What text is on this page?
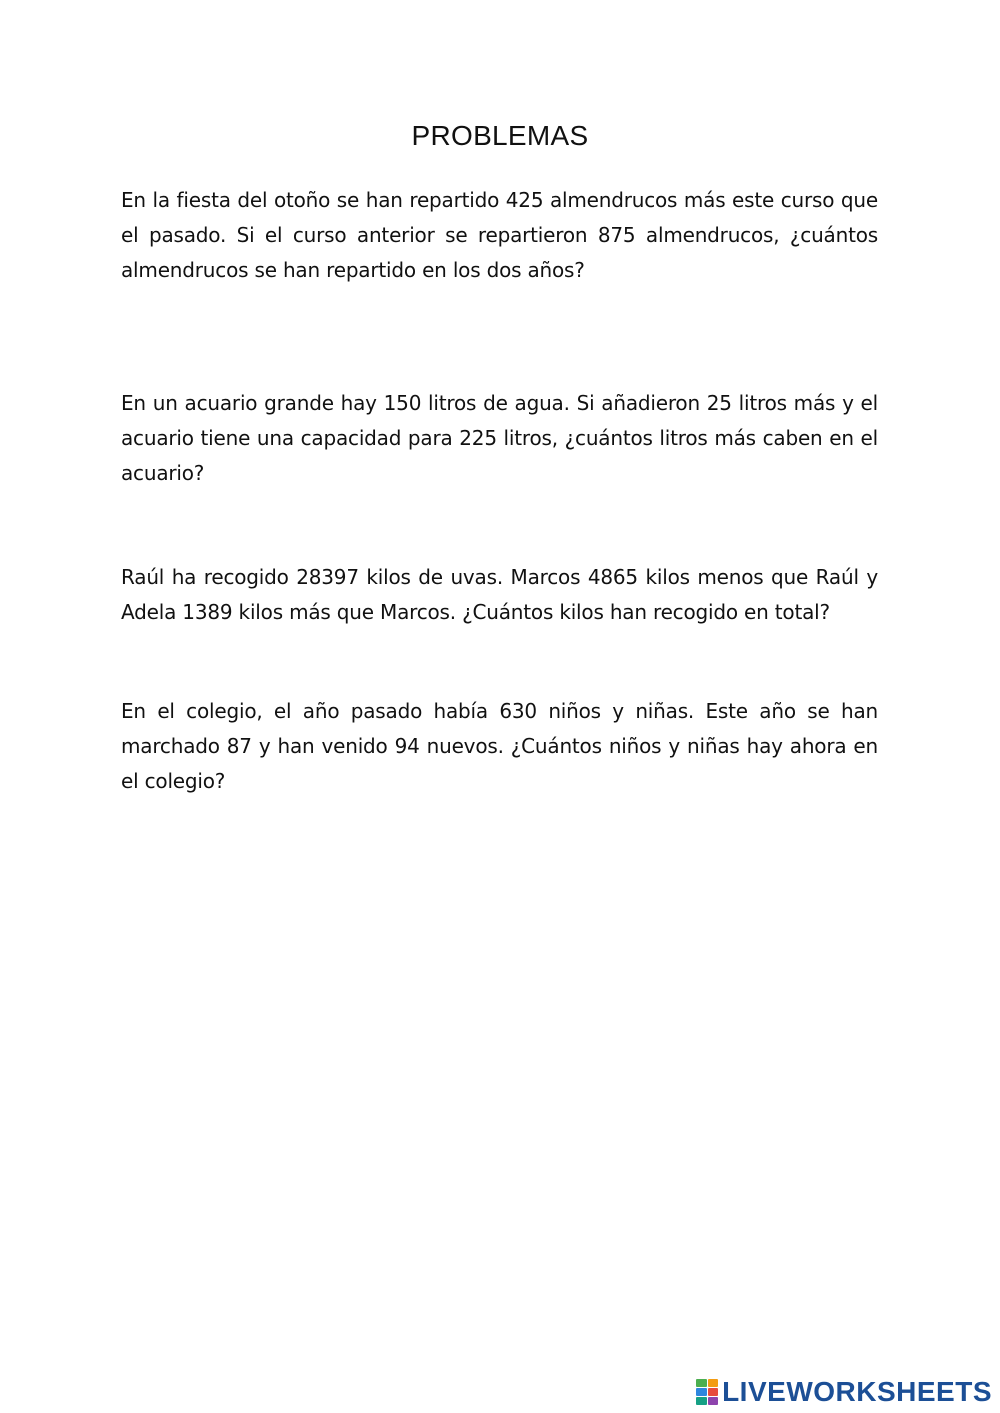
PROBLEMAS
En la fiesta del otoño se han repartido 425 almendrucos más este curso que el pasado. Si el curso anterior se repartieron 875 almendrucos, ¿cuántos almendrucos se han repartido en los dos años?
En un acuario grande hay 150 litros de agua. Si añadieron 25 litros más y el acuario tiene una capacidad para 225 litros, ¿cuántos litros más caben en el acuario?
Raúl ha recogido 28397 kilos de uvas. Marcos 4865 kilos menos que Raúl y Adela 1389 kilos más que Marcos. ¿Cuántos kilos han recogido en total?
En el colegio, el año pasado había 630 niños y niñas. Este año se han marchado 87 y han venido 94 nuevos. ¿Cuántos niños y niñas hay ahora en el colegio?
LIVEWORKSHEETS
